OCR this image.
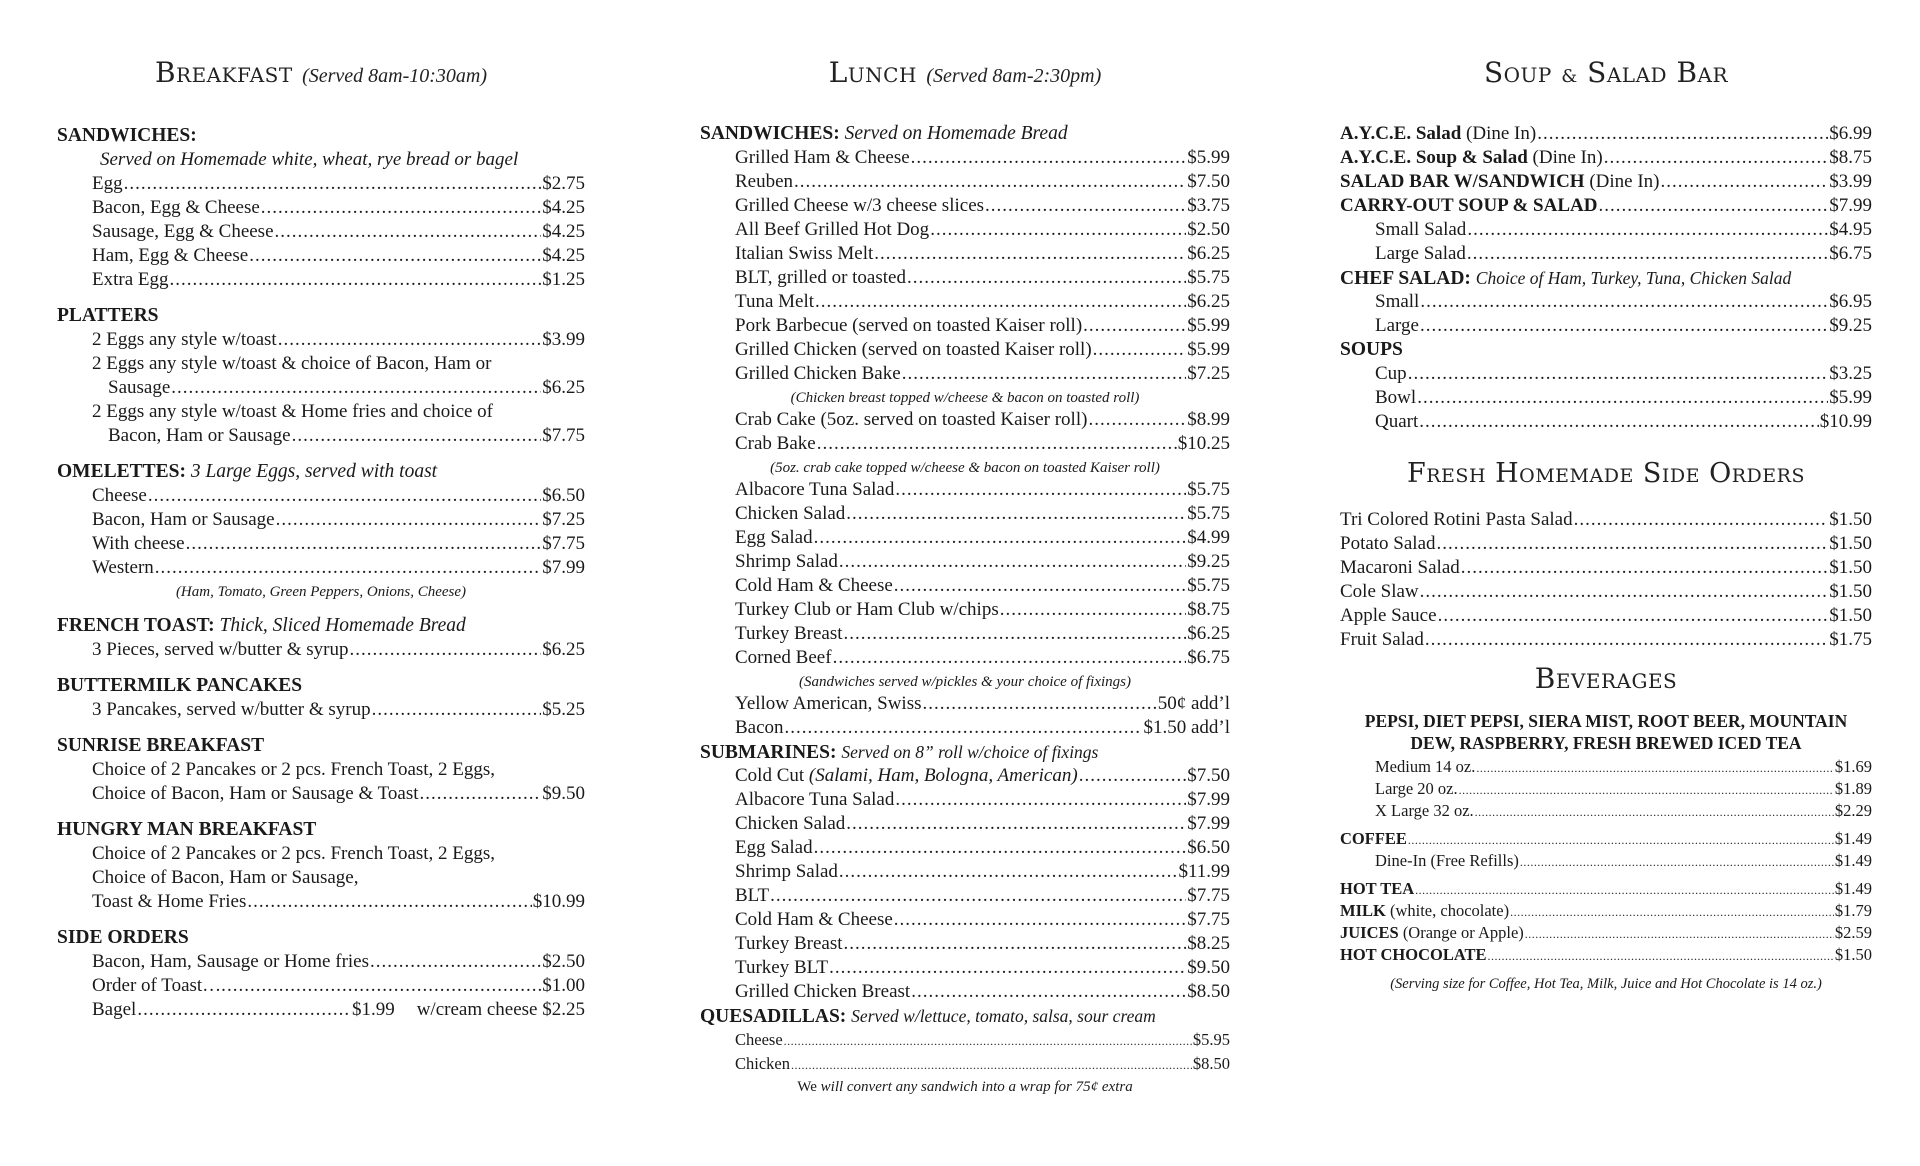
Breakfast (Served 8am-10:30am)
SANDWICHES:
Served on Homemade white, wheat, rye bread or bagel
Egg .....	$2.75
Bacon, Egg & Cheese .....	$4.25
Sausage, Egg & Cheese .....	$4.25
Ham, Egg & Cheese .....	$4.25
Extra Egg .....	$1.25
PLATTERS
2 Eggs any style w/toast .....	$3.99
2 Eggs any style w/toast & choice of Bacon, Ham or
Sausage .....	$6.25
2 Eggs any style w/toast & Home fries and choice of
Bacon, Ham or Sausage .....	$7.75
OMELETTES: 3 Large Eggs, served with toast
Cheese .....	$6.50
Bacon, Ham or Sausage .....	$7.25
With cheese .....	$7.75
Western .....	$7.99
(Ham, Tomato, Green Peppers, Onions, Cheese)
FRENCH TOAST: Thick, Sliced Homemade Bread
3 Pieces, served w/butter & syrup .....	$6.25
BUTTERMILK PANCAKES
3 Pancakes, served w/butter & syrup .....	$5.25
SUNRISE BREAKFAST
Choice of 2 Pancakes or 2 pcs. French Toast, 2 Eggs,
Choice of Bacon, Ham or Sausage & Toast .....	$9.50
HUNGRY MAN BREAKFAST
Choice of 2 Pancakes or 2 pcs. French Toast, 2 Eggs,
Choice of Bacon, Ham or Sausage,
Toast & Home Fries .....	$10.99
SIDE ORDERS
Bacon, Ham, Sausage or Home fries .....	$2.50
Order of Toast…. .....	$1.00
Bagel .....	$1.99 w/cream cheese $2.25
Lunch (Served 8am-2:30pm)
SANDWICHES: Served on Homemade Bread
Grilled Ham & Cheese .....	$5.99
Reuben .....	$7.50
Grilled Cheese w/3 cheese slices .....	$3.75
All Beef Grilled Hot Dog .....	$2.50
Italian Swiss Melt .....	$6.25
BLT, grilled or toasted .....	$5.75
Tuna Melt .....	$6.25
Pork Barbecue (served on toasted Kaiser roll) .....	$5.99
Grilled Chicken (served on toasted Kaiser roll) .....	$5.99
Grilled Chicken Bake .....	$7.25
(Chicken breast topped w/cheese & bacon on toasted roll)
Crab Cake (5oz. served on toasted Kaiser roll) .....	$8.99
Crab Bake .....	$10.25
(5oz. crab cake topped w/cheese & bacon on toasted Kaiser roll)
Albacore Tuna Salad .....	$5.75
Chicken Salad .....	$5.75
Egg Salad .....	$4.99
Shrimp Salad .....	$9.25
Cold Ham & Cheese .....	$5.75
Turkey Club or Ham Club w/chips .....	$8.75
Turkey Breast .....	$6.25
Corned Beef .....	$6.75
(Sandwiches served w/pickles & your choice of fixings)
Yellow American, Swiss .....	50¢ add’l
Bacon .....	$1.50 add’l
SUBMARINES: Served on 8” roll w/choice of fixings
Cold Cut (Salami, Ham, Bologna, American) .....	$7.50
Albacore Tuna Salad .....	$7.99
Chicken Salad .....	$7.99
Egg Salad .....	$6.50
Shrimp Salad .....	$11.99
BLT .....	$7.75
Cold Ham & Cheese .....	$7.75
Turkey Breast .....	$8.25
Turkey BLT .....	$9.50
Grilled Chicken Breast .....	$8.50
QUESADILLAS: Served w/lettuce, tomato, salsa, sour cream
Cheese .....	$5.95
Chicken .....	$8.50
We will convert any sandwich into a wrap for 75¢ extra
Soup & Salad Bar
A.Y.C.E. Salad (Dine In) .....	$6.99
A.Y.C.E. Soup & Salad (Dine In) .....	$8.75
SALAD BAR W/SANDWICH (Dine In) .....	$3.99
CARRY-OUT SOUP & SALAD .....	$7.99
Small Salad .....	$4.95
Large Salad .....	$6.75
CHEF SALAD: Choice of Ham, Turkey, Tuna, Chicken Salad
Small .....	$6.95
Large .....	$9.25
SOUPS
Cup .....	$3.25
Bowl .....	$5.99
Quart .....	$10.99
Fresh Homemade Side Orders
Tri Colored Rotini Pasta Salad .....	$1.50
Potato Salad .....	$1.50
Macaroni Salad .....	$1.50
Cole Slaw .....	$1.50
Apple Sauce .....	$1.50
Fruit Salad .....	$1.75
Beverages
PEPSI, DIET PEPSI, SIERA MIST, ROOT BEER, MOUNTAIN
DEW, RASPBERRY, FRESH BREWED ICED TEA
Medium 14 oz. .....	$1.69
Large 20 oz. .....	$1.89
X Large 32 oz. .....	$2.29
COFFEE .....	$1.49
Dine-In (Free Refills) .....	$1.49
HOT TEA .....	$1.49
MILK (white, chocolate) .....	$1.79
JUICES (Orange or Apple) .....	$2.59
HOT CHOCOLATE .....	$1.50
(Serving size for Coffee, Hot Tea, Milk, Juice and Hot Chocolate is 14 oz.)
